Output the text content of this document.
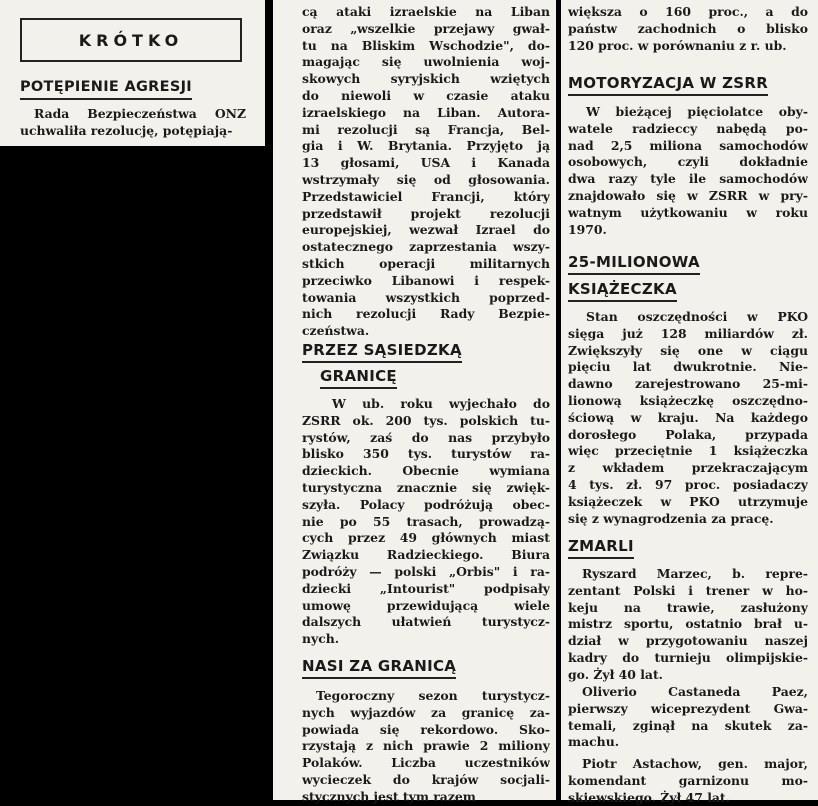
KRÓTKO
POTĘPIENIE AGRESJI
Rada Bezpieczeństwa ONZ
uchwaliła rezolucję, potępiają-
cą ataki izraelskie na Liban
oraz „wszelkie przejawy gwał-
tu na Bliskim Wschodzie", do-
magając się uwolnienia woj-
skowych syryjskich wziętych
do niewoli w czasie ataku
izraelskiego na Liban. Autora-
mi rezolucji są Francja, Bel-
gia i W. Brytania. Przyjęto ją
13 głosami, USA i Kanada
wstrzymały się od głosowania.
Przedstawiciel Francji, który
przedstawił projekt rezolucji
europejskiej, wezwał Izrael do
ostatecznego zaprzestania wszy-
stkich operacji militarnych
przeciwko Libanowi i respek-
towania wszystkich poprzed-
nich rezolucji Rady Bezpie-
czeństwa.
PRZEZ SĄSIEDZKĄ
GRANICĘ
W ub. roku wyjechało do
ZSRR ok. 200 tys. polskich tu-
rystów, zaś do nas przybyło
blisko 350 tys. turystów ra-
dzieckich. Obecnie wymiana
turystyczna znacznie się zwięk-
szyła. Polacy podróżują obec-
nie po 55 trasach, prowadzą-
cych przez 49 głównych miast
Związku Radzieckiego. Biura
podróży — polski „Orbis" i ra-
dziecki „Intourist" podpisały
umowę przewidującą wiele
dalszych ułatwień turystycz-
nych.
NASI ZA GRANICĄ
Tegoroczny sezon turystycz-
nych wyjazdów za granicę za-
powiada się rekordowo. Sko-
rzystają z nich prawie 2 miliony
Polaków. Liczba uczestników
wycieczek do krajów socjali-
stycznych jest tym razem
większa o 160 proc., a do
państw zachodnich o blisko
120 proc. w porównaniu z r. ub.
MOTORYZACJA W ZSRR
W bieżącej pięciolatce oby-
watele radzieccy nabędą po-
nad 2,5 miliona samochodów
osobowych, czyli dokładnie
dwa razy tyle ile samochodów
znajdowało się w ZSRR w pry-
watnym użytkowaniu w roku
1970.
25-MILIONOWA
KSIĄŻECZKA
Stan oszczędności w PKO
sięga już 128 miliardów zł.
Zwiększyły się one w ciągu
pięciu lat dwukrotnie. Nie-
dawno zarejestrowano 25-mi-
lionową książeczkę oszczędno-
ściową w kraju. Na każdego
dorosłego Polaka, przypada
więc przeciętnie 1 książeczka
z wkładem przekraczającym
4 tys. zł. 97 proc. posiadaczy
książeczek w PKO utrzymuje
się z wynagrodzenia za pracę.
ZMARLI
Ryszard Marzec, b. repre-
zentant Polski i trener w ho-
keju na trawie, zasłużony
mistrz sportu, ostatnio brał u-
dział w przygotowaniu naszej
kadry do turnieju olimpijskie-
go. Żył 40 lat.
Oliverio Castaneda Paez,
pierwszy wiceprezydent Gwa-
temali, zginął na skutek za-
machu.
Piotr Astachow, gen. major,
komendant garnizonu mo-
skiewskiego. Żył 47 lat.
